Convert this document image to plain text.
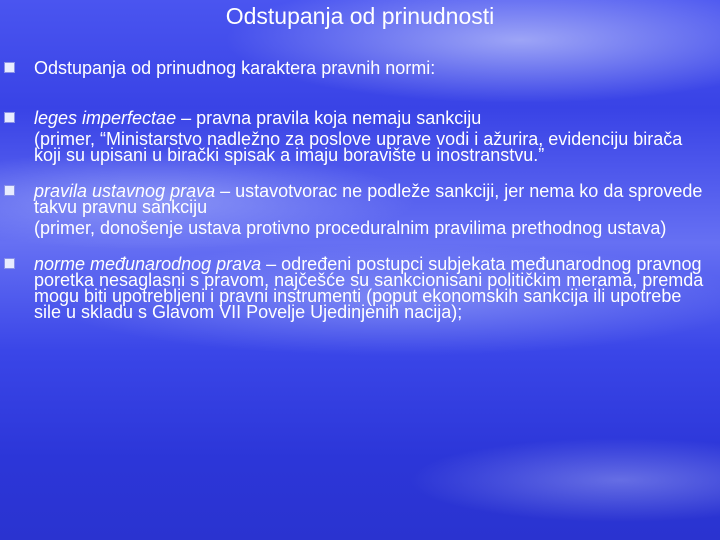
Odstupanja od prinudnosti

Odstupanja od prinudnog karaktera pravnih normi:

leges imperfectae – pravna pravila koja nemaju sankciju

(primer, “Ministarstvo nadležno za poslove uprave vodi i ažurira, evidenciju birača koji su upisani u birački spisak a imaju boravište u inostranstvu.”

pravila ustavnog prava – ustavotvorac ne podleže sankciji, jer nema ko da sprovede takvu pravnu sankciju

(primer, donošenje ustava protivno proceduralnim pravilima prethodnog ustava)

norme međunarodnog prava – određeni postupci subjekata međunarodnog pravnog poretka nesaglasni s pravom, najčešće su sankcionisani političkim merama, premda mogu biti upotrebljeni i pravni instrumenti (poput ekonomskih sankcija ili upotrebe sile u skladu s Glavom VII Povelje Ujedinjenih nacija);
